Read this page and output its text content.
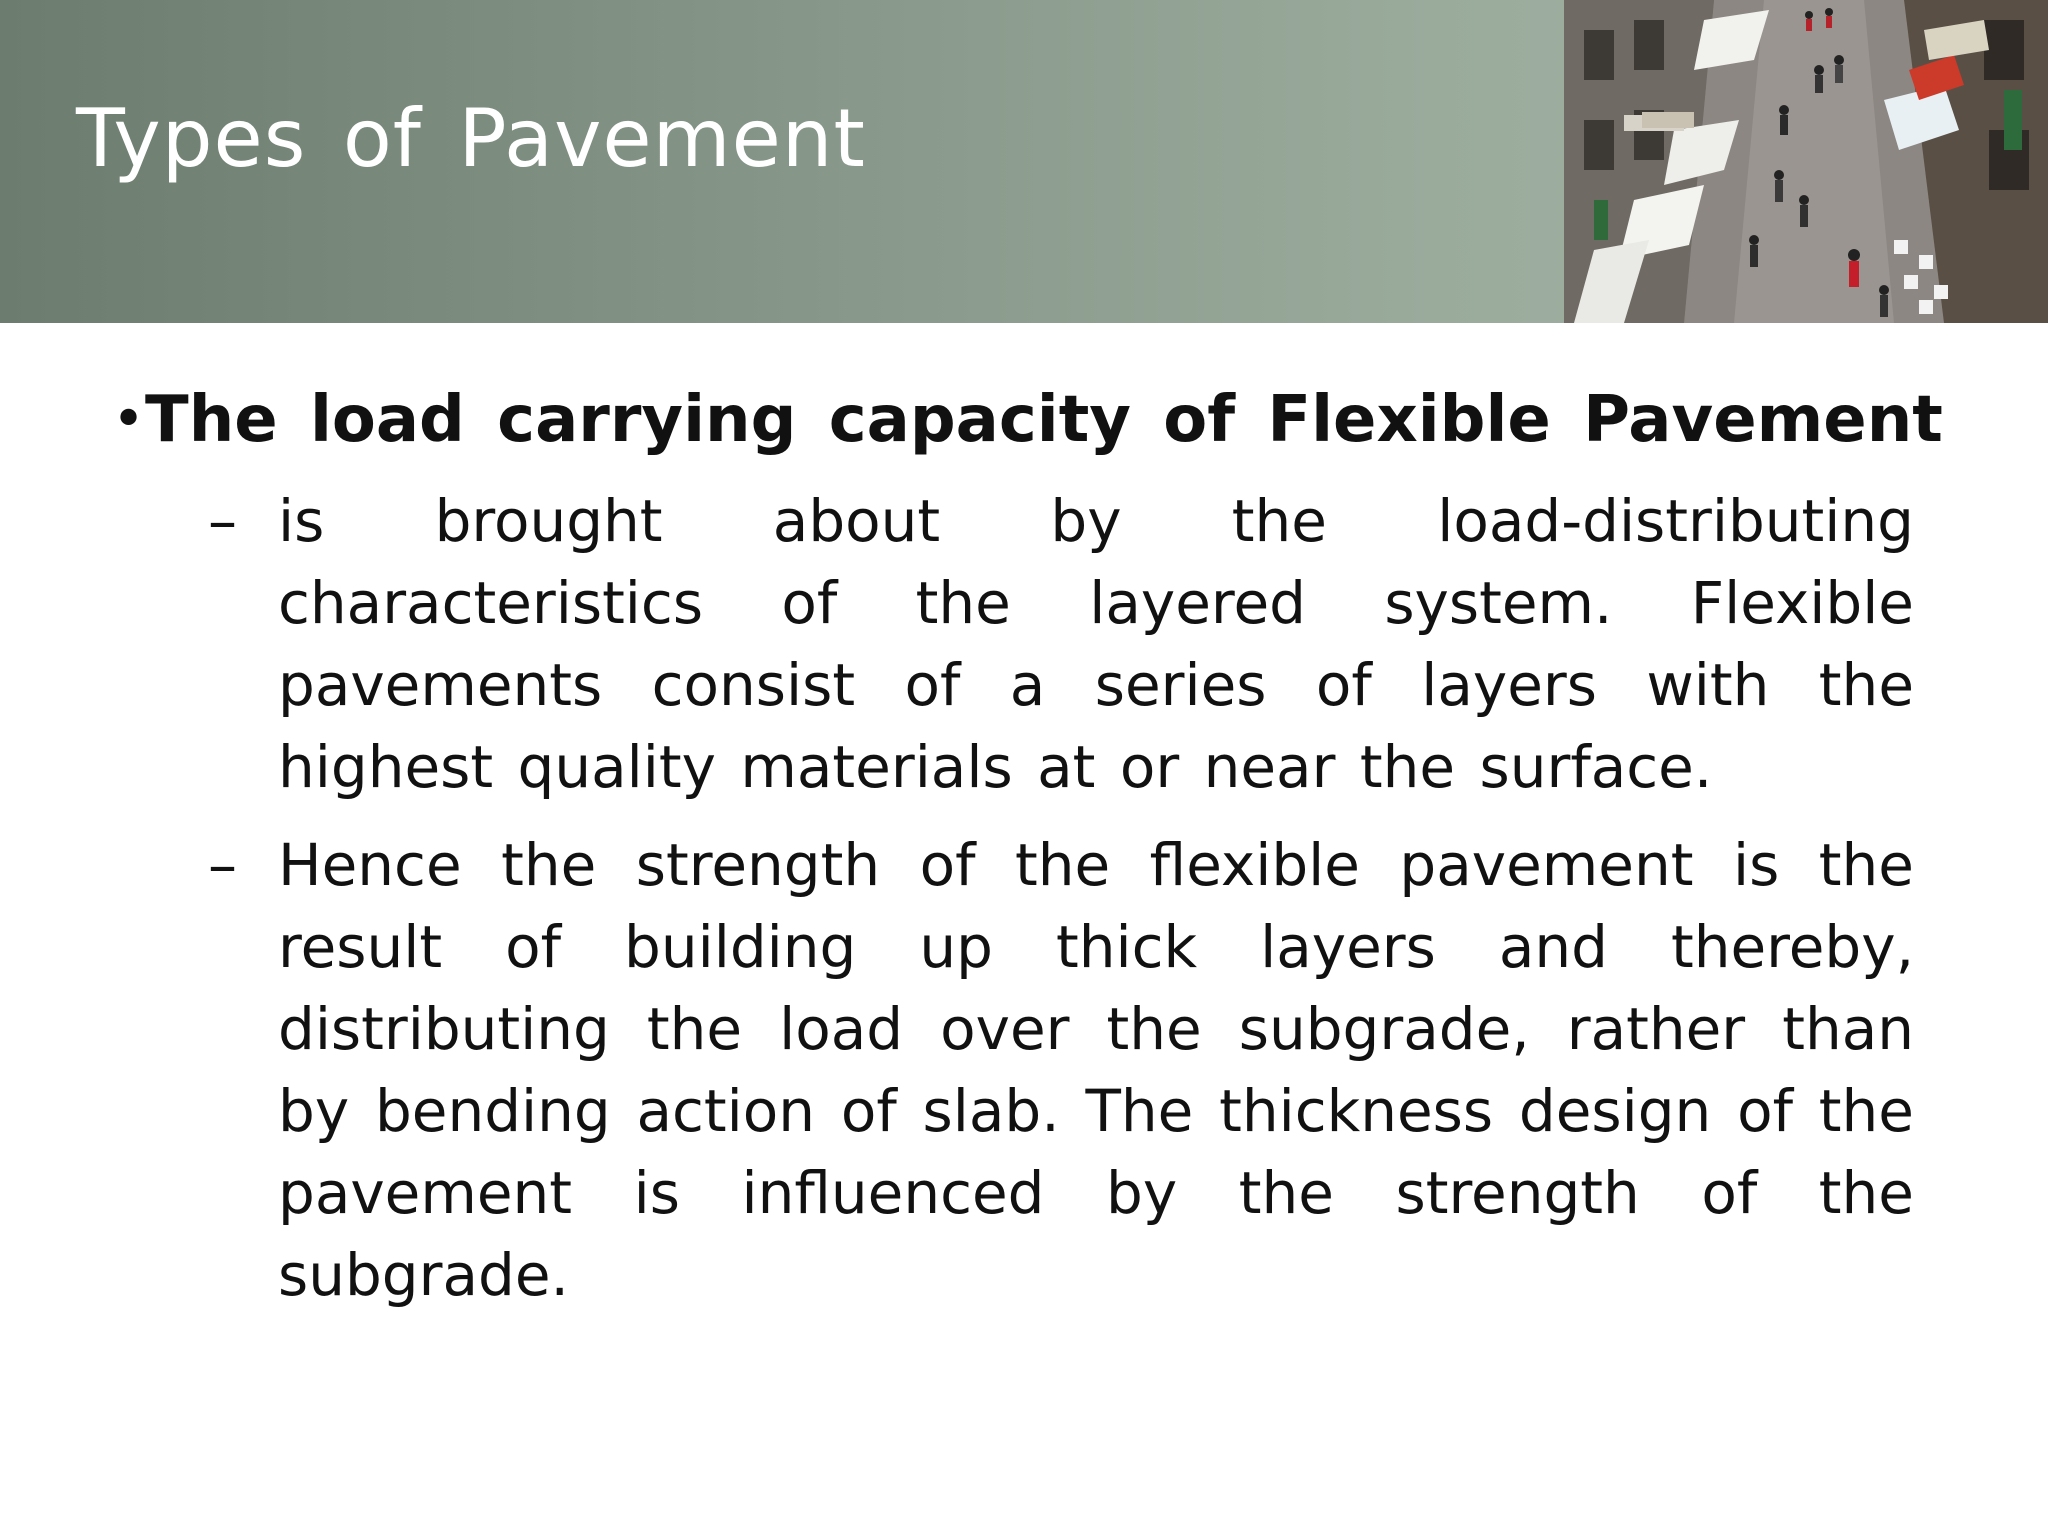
Types of Pavement
• The load carrying capacity of Flexible Pavement
– is brought about by the load-distributing characteristics of the layered system. Flexible pavements consist of a series of layers with the highest quality materials at or near the surface.
– Hence the strength of the flexible pavement is the result of building up thick layers and thereby, distributing the load over the subgrade, rather than by bending action of slab. The thickness design of the pavement is influenced by the strength of the subgrade.
